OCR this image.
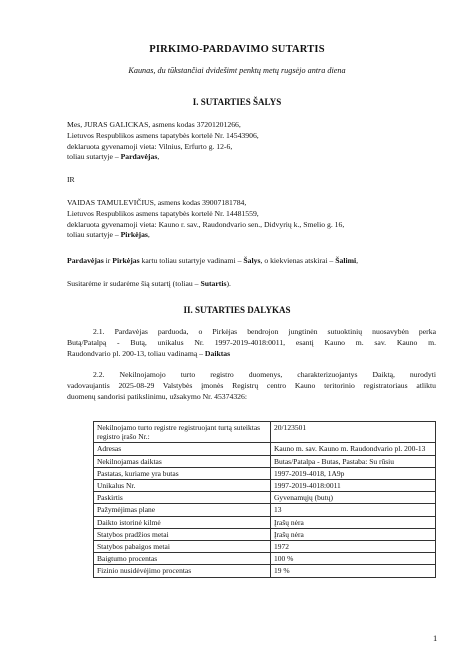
PIRKIMO-PARDAVIMO SUTARTIS
Kaunas, du tūkstančiai dvidešimt penktų metų rugsėjo antra diena
I. SUTARTIES ŠALYS
Mes, JURAS GALICKAS, asmens kodas 37201201266,
Lietuvos Respublikos asmens tapatybės kortelė Nr. 14543906,
deklaruota gyvenamoji vieta: Vilnius, Erfurto g. 12-6,
toliau sutartyje – Pardavėjas,
IR
VAIDAS TAMULEVIČIUS, asmens kodas 39007181784,
Lietuvos Respublikos asmens tapatybės kortelė Nr. 14481559,
deklaruota gyvenamoji vieta: Kauno r. sav., Raudondvario sen., Didvyrių k., Smelio g. 16,
toliau sutartyje – Pirkėjas,
Pardavėjas ir Pirkėjas kartu toliau sutartyje vadinami – Šalys, o kiekvienas atskirai – Šalimi,
Susitarėme ir sudarėme šią sutartį (toliau – Sutartis).
II. SUTARTIES DALYKAS
2.1. Pardavėjas parduoda, o Pirkėjas bendrojon jungtinėn sutuoktinių nuosavybėn perka
Butą/Patalpą - Butą, unikalus Nr. 1997-2019-4018:0011, esantį Kauno m. sav. Kauno m.
Raudondvario pl. 200-13, toliau vadinamą – Daiktas
2.2. Nekilnojamojo turto registro duomenys, charakterizuojantys Daiktą, nurodyti
vadovaujantis 2025-08-29 Valstybės įmonės Registrų centro Kauno teritorinio registratoriaus atliktu
duomenų sandorisi patikslinimu, užsakymo Nr. 45374326:
Nekilnojamo turto registre registruojant turtą suteiktas registro įrašo Nr.:	20/123501
Adresas	Kauno m. sav. Kauno m. Raudondvario pl. 200-13
Nekilnojamas daiktas	Butas/Patalpa - Butas, Pastaba: Su rūsiu
Pastatas, kuriame yra butas	1997-2019-4018, 1A9p
Unikalus Nr.	1997-2019-4018:0011
Paskirtis	Gyvenamųjų (butų)
Pažymėjimas plane	13
Daikto istorinė kilmė	Įrašų nėra
Statybos pradžios metai	Įrašų nėra
Statybos pabaigos metai	1972
Baigtumo procentas	100 %
Fizinio nusidėvėjimo procentas	19 %
1
